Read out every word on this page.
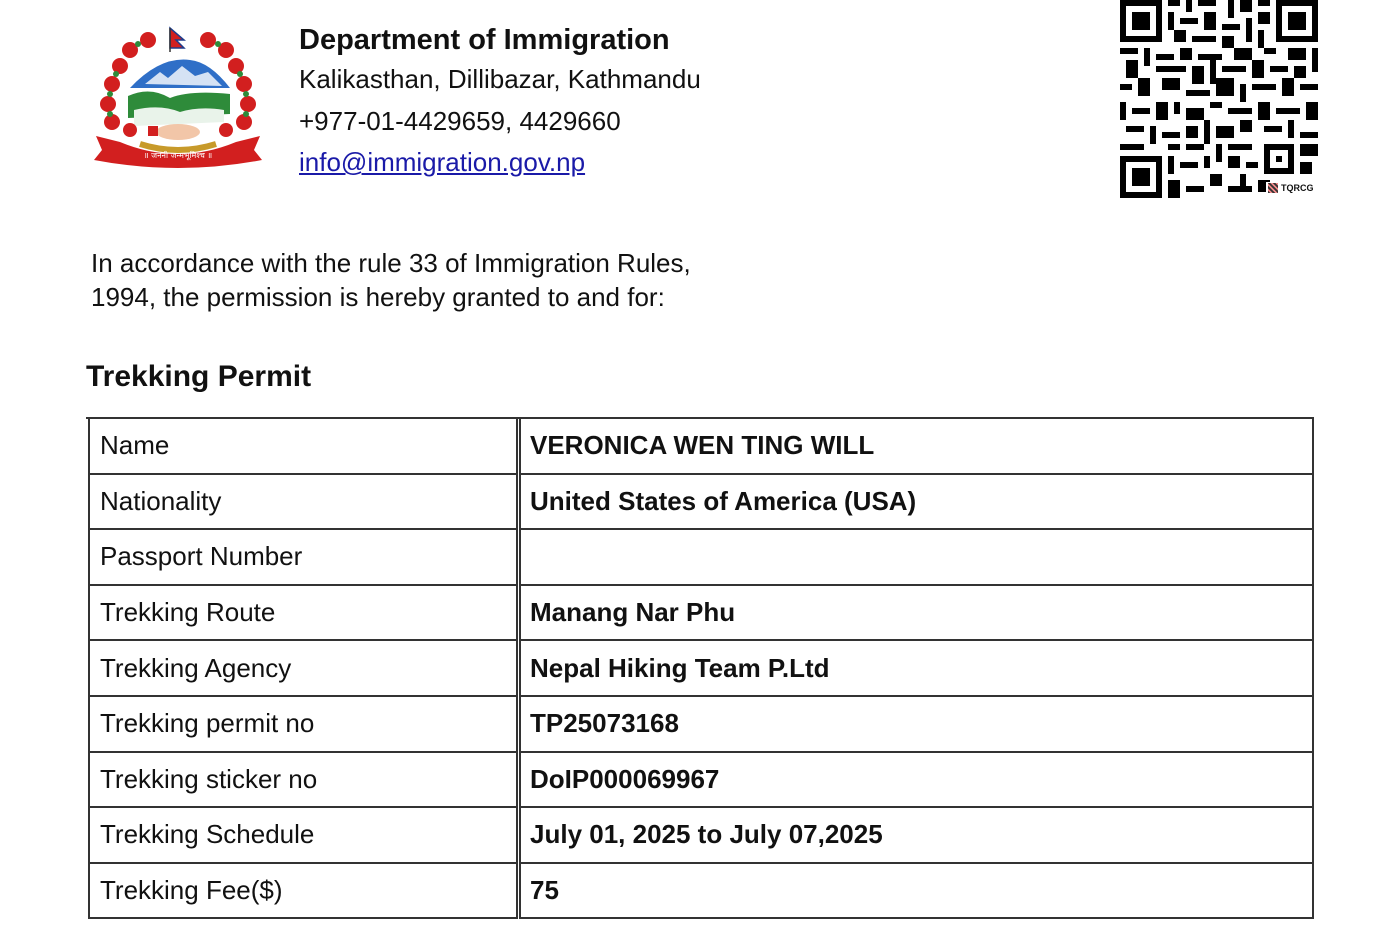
॥ जननी जन्मभूमिश्च ॥
Department of Immigration
Kalikasthan, Dillibazar, Kathmandu
+977-01-4429659, 4429660
info@immigration.gov.np
TQRCG
In accordance with the rule 33 of Immigration Rules,
1994, the permission is hereby granted to and for:
Trekking Permit
Name	VERONICA WEN TING WILL
Nationality	United States of America (USA)
Passport Number
Trekking Route	Manang Nar Phu
Trekking Agency	Nepal Hiking Team P.Ltd
Trekking permit no	TP25073168
Trekking sticker no	DoIP000069967
Trekking Schedule	July 01, 2025 to July 07,2025
Trekking Fee($)	75
